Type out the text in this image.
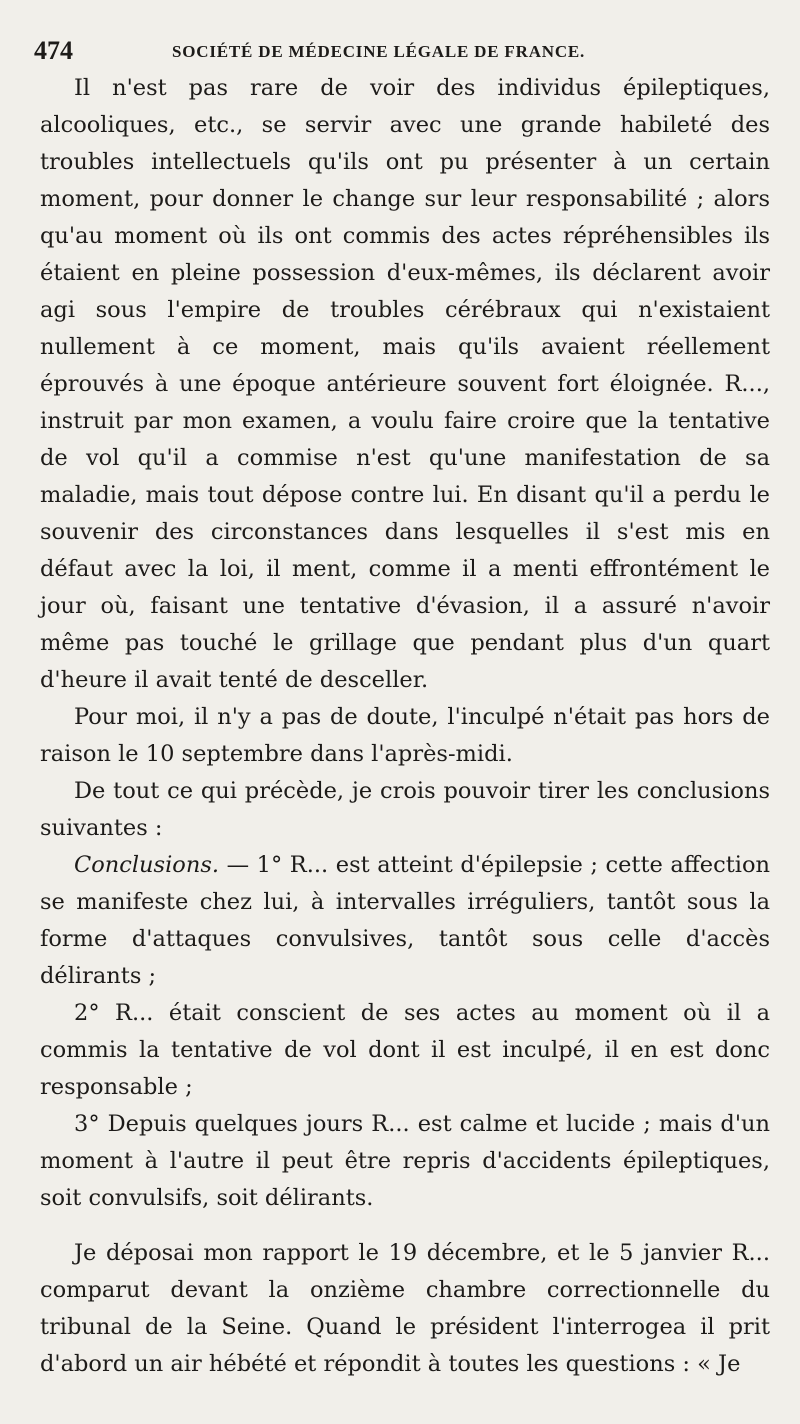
474	SOCIÉTÉ DE MÉDECINE LÉGALE DE FRANCE.

Il n'est pas rare de voir des individus épileptiques, alcooliques, etc., se servir avec une grande habileté des troubles intellectuels qu'ils ont pu présenter à un certain moment, pour donner le change sur leur responsabilité ; alors qu'au moment où ils ont commis des actes répréhensibles ils étaient en pleine possession d'eux-mêmes, ils déclarent avoir agi sous l'empire de troubles cérébraux qui n'existaient nullement à ce moment, mais qu'ils avaient réellement éprouvés à une époque antérieure souvent fort éloignée. R..., instruit par mon examen, a voulu faire croire que la tentative de vol qu'il a commise n'est qu'une manifestation de sa maladie, mais tout dépose contre lui. En disant qu'il a perdu le souvenir des circonstances dans lesquelles il s'est mis en défaut avec la loi, il ment, comme il a menti effrontément le jour où, faisant une tentative d'évasion, il a assuré n'avoir même pas touché le grillage que pendant plus d'un quart d'heure il avait tenté de desceller.

Pour moi, il n'y a pas de doute, l'inculpé n'était pas hors de raison le 10 septembre dans l'après-midi.

De tout ce qui précède, je crois pouvoir tirer les conclusions suivantes :

Conclusions. — 1° R... est atteint d'épilepsie ; cette affection se manifeste chez lui, à intervalles irréguliers, tantôt sous la forme d'attaques convulsives, tantôt sous celle d'accès délirants ;

2° R... était conscient de ses actes au moment où il a commis la tentative de vol dont il est inculpé, il en est donc responsable ;

3° Depuis quelques jours R... est calme et lucide ; mais d'un moment à l'autre il peut être repris d'accidents épileptiques, soit convulsifs, soit délirants.

Je déposai mon rapport le 19 décembre, et le 5 janvier R... comparut devant la onzième chambre correctionnelle du tribunal de la Seine. Quand le président l'interrogea il prit d'abord un air hébété et répondit à toutes les questions : « Je
